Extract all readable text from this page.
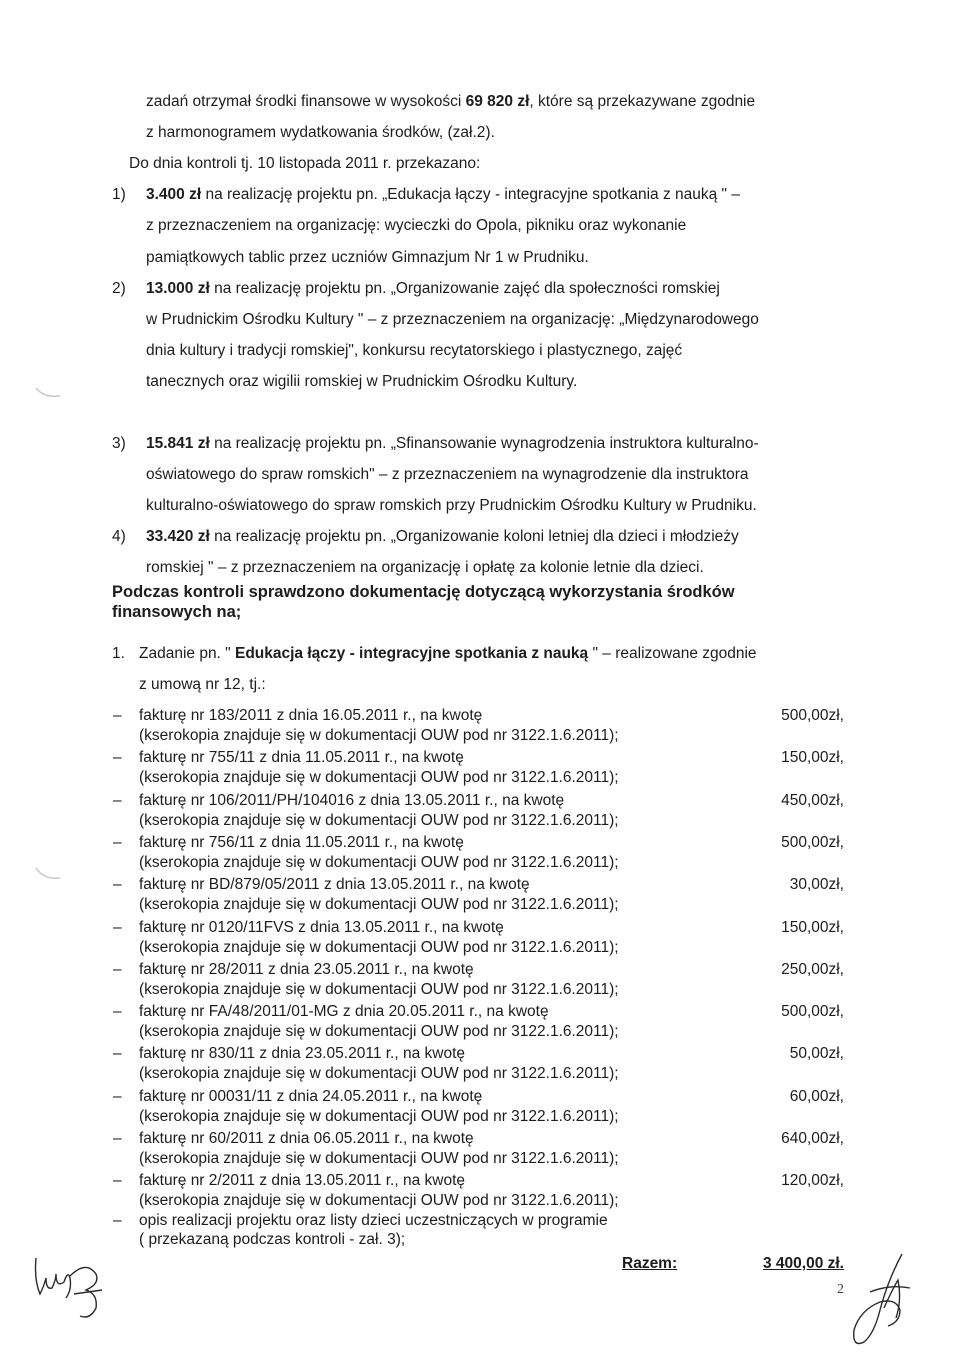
zadań otrzymał środki finansowe w wysokości 69 820 zł, które są przekazywane zgodnie
z harmonogramem wydatkowania środków, (zał.2).
Do dnia kontroli tj. 10 listopada 2011 r. przekazano:
1) 3.400 zł na realizację projektu pn. „Edukacja łączy - integracyjne spotkania z nauką " –
z przeznaczeniem na organizację: wycieczki do Opola, pikniku oraz wykonanie
pamiątkowych tablic przez uczniów Gimnazjum Nr 1 w Prudniku.
2) 13.000 zł na realizację projektu pn. „Organizowanie zajęć dla społeczności romskiej
w Prudnickim Ośrodku Kultury " – z przeznaczeniem na organizację: „Międzynarodowego
dnia kultury i tradycji romskiej", konkursu recytatorskiego i plastycznego, zajęć
tanecznych oraz wigilii romskiej w Prudnickim Ośrodku Kultury.
3) 15.841 zł na realizację projektu pn. „Sfinansowanie wynagrodzenia instruktora kulturalno-
oświatowego do spraw romskich" – z przeznaczeniem na wynagrodzenie dla instruktora
kulturalno-oświatowego do spraw romskich przy Prudnickim Ośrodku Kultury w Prudniku.
4) 33.420 zł na realizację projektu pn. „Organizowanie koloni letniej dla dzieci i młodzieży
romskiej " – z przeznaczeniem na organizację i opłatę za kolonie letnie dla dzieci.
Podczas kontroli sprawdzono dokumentację dotyczącą wykorzystania środków
finansowych na;
1. Zadanie pn. " Edukacja łączy - integracyjne spotkania z nauką " – realizowane zgodnie
z umową nr 12, tj.:
– fakturę nr 183/2011 z dnia 16.05.2011 r., na kwotę	500,00zł,
(kserokopia znajduje się w dokumentacji OUW pod nr 3122.1.6.2011);
– fakturę nr 755/11 z dnia 11.05.2011 r., na kwotę	150,00zł,
(kserokopia znajduje się w dokumentacji OUW pod nr 3122.1.6.2011);
– fakturę nr 106/2011/PH/104016 z dnia 13.05.2011 r., na kwotę	450,00zł,
(kserokopia znajduje się w dokumentacji OUW pod nr 3122.1.6.2011);
– fakturę nr 756/11 z dnia 11.05.2011 r., na kwotę	500,00zł,
(kserokopia znajduje się w dokumentacji OUW pod nr 3122.1.6.2011);
– fakturę nr BD/879/05/2011 z dnia 13.05.2011 r., na kwotę	30,00zł,
(kserokopia znajduje się w dokumentacji OUW pod nr 3122.1.6.2011);
– fakturę nr 0120/11FVS z dnia 13.05.2011 r., na kwotę	150,00zł,
(kserokopia znajduje się w dokumentacji OUW pod nr 3122.1.6.2011);
– fakturę nr 28/2011 z dnia 23.05.2011 r., na kwotę	250,00zł,
(kserokopia znajduje się w dokumentacji OUW pod nr 3122.1.6.2011);
– fakturę nr FA/48/2011/01-MG z dnia 20.05.2011 r., na kwotę	500,00zł,
(kserokopia znajduje się w dokumentacji OUW pod nr 3122.1.6.2011);
– fakturę nr 830/11 z dnia 23.05.2011 r., na kwotę	50,00zł,
(kserokopia znajduje się w dokumentacji OUW pod nr 3122.1.6.2011);
– fakturę nr 00031/11 z dnia 24.05.2011 r., na kwotę	60,00zł,
(kserokopia znajduje się w dokumentacji OUW pod nr 3122.1.6.2011);
– fakturę nr 60/2011 z dnia 06.05.2011 r., na kwotę	640,00zł,
(kserokopia znajduje się w dokumentacji OUW pod nr 3122.1.6.2011);
– fakturę nr 2/2011 z dnia 13.05.2011 r., na kwotę	120,00zł,
(kserokopia znajduje się w dokumentacji OUW pod nr 3122.1.6.2011);
– opis realizacji projektu oraz listy dzieci uczestniczących w programie
( przekazaną podczas kontroli - zał. 3);
Razem:	3 400,00 zł.
2
